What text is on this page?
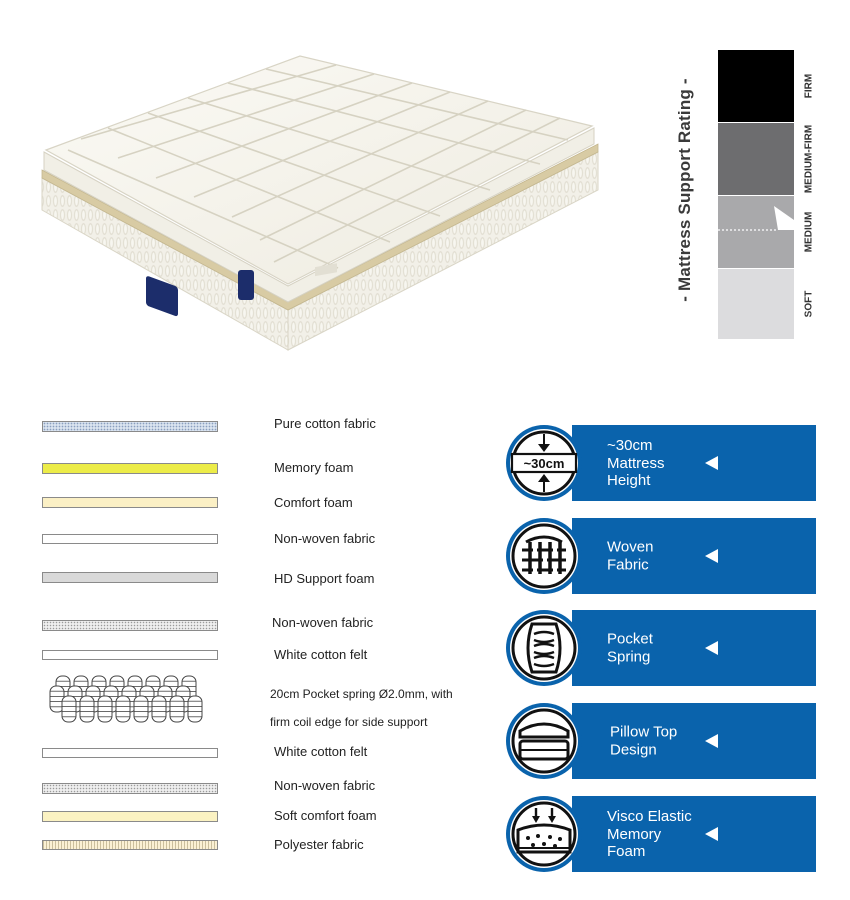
- Mattress Support Rating -	FIRM
MEDIUM-FIRM
MEDIUM
SOFT
Pure cotton fabric
Memory foam
Comfort foam
Non-woven fabric
HD Support foam
Non-woven fabric
White cotton felt
20cm Pocket spring Ø2.0mm, with
firm coil edge for side support
White cotton felt
Non-woven fabric
Soft comfort foam
Polyester fabric
~30cm
~30cm
Mattress
Height
Woven
Fabric
Pocket
Spring
Pillow Top
Design
Visco Elastic
Memory
Foam
